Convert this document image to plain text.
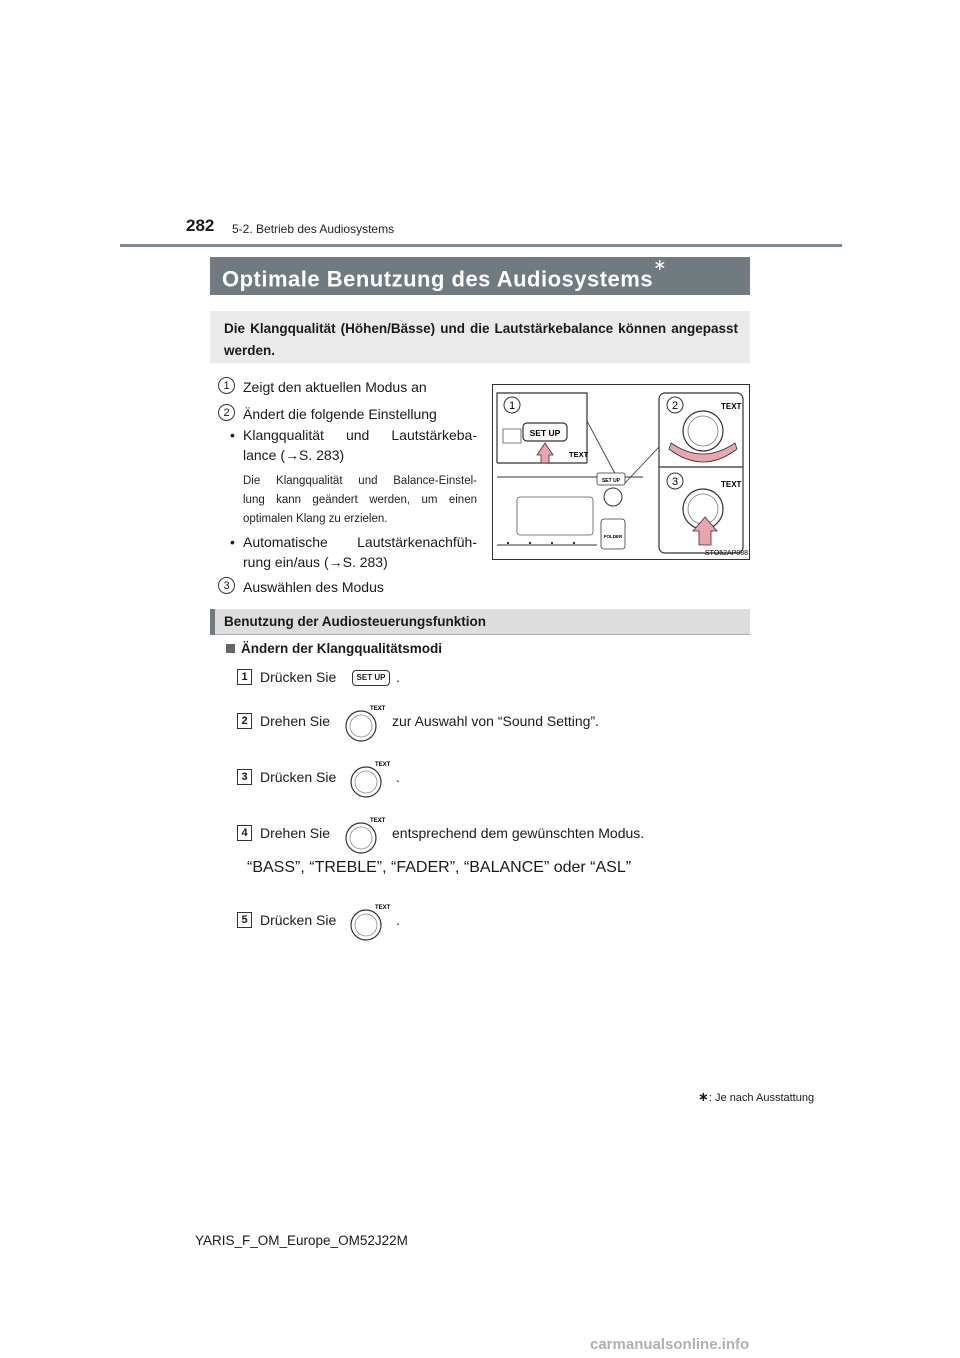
282 5-2. Betrieb des Audiosystems
Optimale Benutzung des Audiosystems∗
Die Klangqualität (Höhen/Bässe) und die Lautstärkebalance können angepasst werden.
1 Zeigt den aktuellen Modus an
2 Ändert die folgende Einstellung
• Klangqualität und Lautstärkeba-
lance (→S. 283)
Die Klangqualität und Balance-Einstel-
lung kann geändert werden, um einen
optimalen Klang zu erzielen.
• Automatische Lautstärkenachfüh-
rung ein/aus (→S. 283)
3 Auswählen des Modus
1
SET UP
TEXT
2	TEXT
3	TEXT
SET UP
FOLDER
STO52AP088
Benutzung der Audiosteuerungsfunktion
Ändern der Klangqualitätsmodi
1 Drücken Sie	SET UP .
2 Drehen Sie
TEXT
zur Auswahl von “Sound Setting”.
3 Drücken Sie
TEXT
.
4 Drehen Sie
TEXT
entsprechend dem gewünschten Modus.
“BASS”, “TREBLE”, “FADER”, “BALANCE” oder “ASL”
5 Drücken Sie
TEXT
.
∗: Je nach Ausstattung
YARIS_F_OM_Europe_OM52J22M
carmanualsonline.info
